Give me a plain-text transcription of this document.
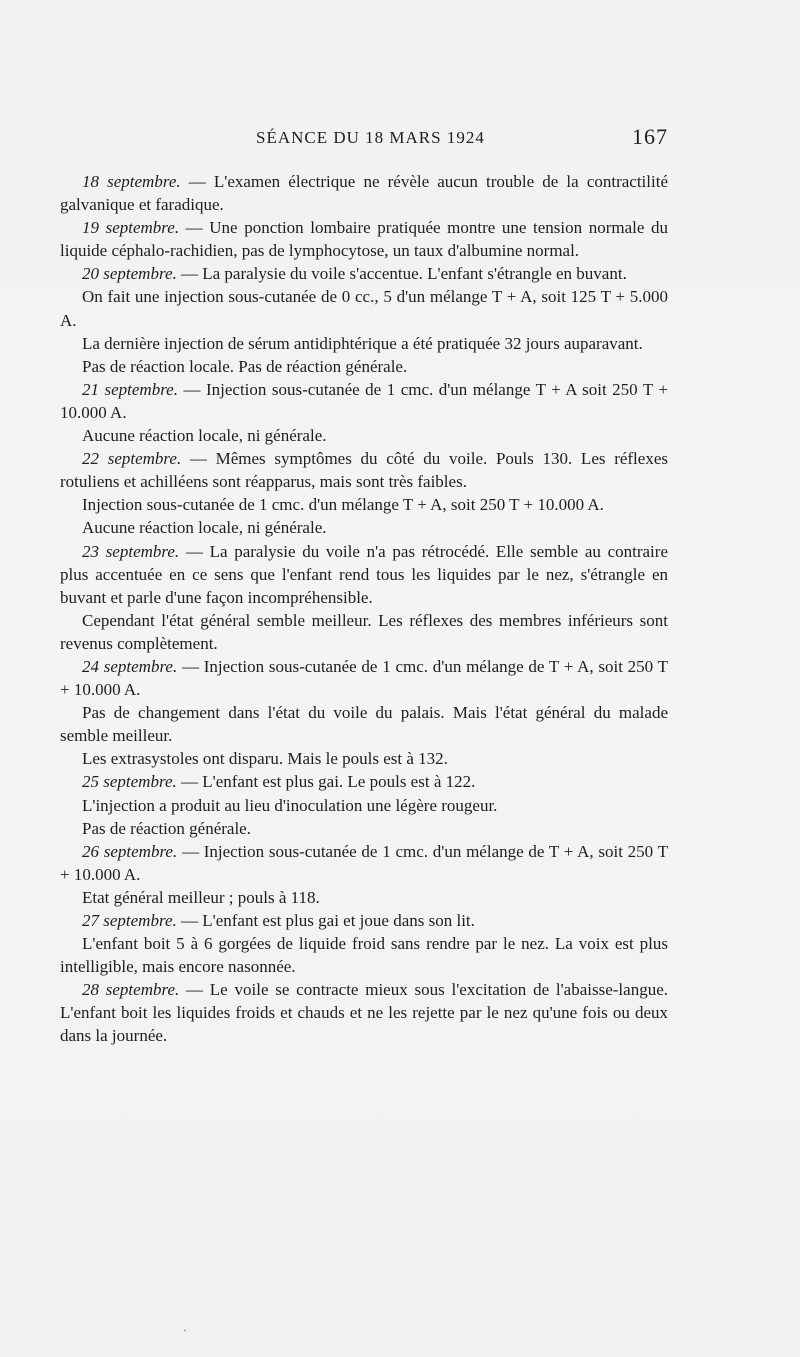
SÉANCE DU 18 MARS 1924	167

18 septembre. — L'examen électrique ne révèle aucun trouble de la contractilité galvanique et faradique.

19 septembre. — Une ponction lombaire pratiquée montre une tension normale du liquide céphalo-rachidien, pas de lymphocytose, un taux d'albumine normal.

20 septembre. — La paralysie du voile s'accentue. L'enfant s'étrangle en buvant.

On fait une injection sous-cutanée de 0 cc., 5 d'un mélange T + A, soit 125 T + 5.000 A.

La dernière injection de sérum antidiphtérique a été pratiquée 32 jours auparavant.

Pas de réaction locale. Pas de réaction générale.

21 septembre. — Injection sous-cutanée de 1 cmc. d'un mélange T + A soit 250 T + 10.000 A.

Aucune réaction locale, ni générale.

22 septembre. — Mêmes symptômes du côté du voile. Pouls 130. Les réflexes rotuliens et achilléens sont réapparus, mais sont très faibles.

Injection sous-cutanée de 1 cmc. d'un mélange T + A, soit 250 T + 10.000 A.

Aucune réaction locale, ni générale.

23 septembre. — La paralysie du voile n'a pas rétrocédé. Elle semble au contraire plus accentuée en ce sens que l'enfant rend tous les liquides par le nez, s'étrangle en buvant et parle d'une façon incompréhensible.

Cependant l'état général semble meilleur. Les réflexes des membres inférieurs sont revenus complètement.

24 septembre. — Injection sous-cutanée de 1 cmc. d'un mélange de T + A, soit 250 T + 10.000 A.

Pas de changement dans l'état du voile du palais. Mais l'état général du malade semble meilleur.

Les extrasystoles ont disparu. Mais le pouls est à 132.

25 septembre. — L'enfant est plus gai. Le pouls est à 122.

L'injection a produit au lieu d'inoculation une légère rougeur.

Pas de réaction générale.

26 septembre. — Injection sous-cutanée de 1 cmc. d'un mélange de T + A, soit 250 T + 10.000 A.

Etat général meilleur ; pouls à 118.

27 septembre. — L'enfant est plus gai et joue dans son lit.

L'enfant boit 5 à 6 gorgées de liquide froid sans rendre par le nez. La voix est plus intelligible, mais encore nasonnée.

28 septembre. — Le voile se contracte mieux sous l'excitation de l'abaisse-langue. L'enfant boit les liquides froids et chauds et ne les rejette par le nez qu'une fois ou deux dans la journée.

ˏ
